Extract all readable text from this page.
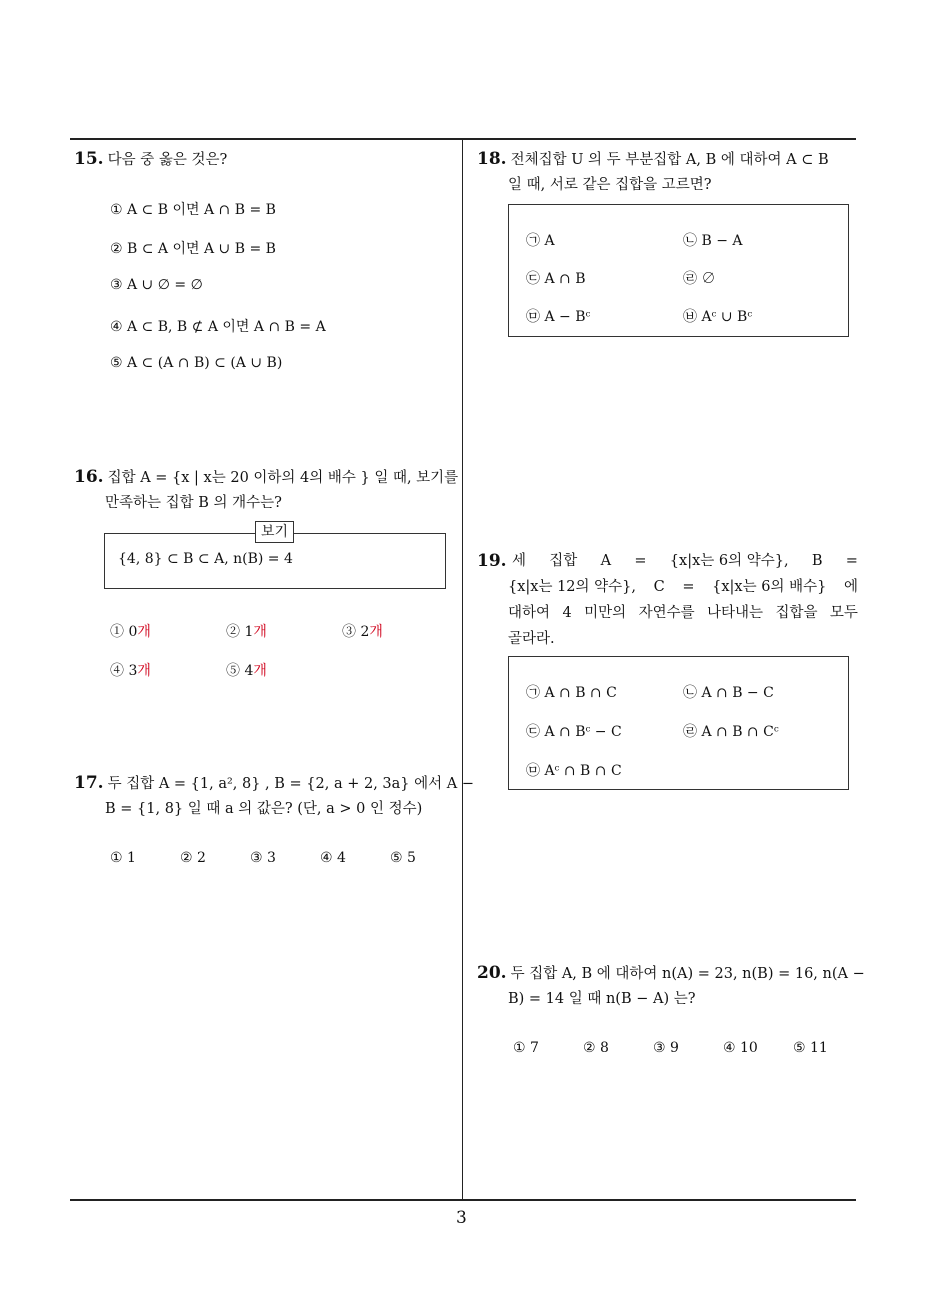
15. 다음 중 옳은 것은?
① A ⊂ B 이면 A ∩ B = B
② B ⊂ A 이면 A ∪ B = B
③ A ∪ ∅ = ∅
④ A ⊂ B, B ⊄ A 이면 A ∩ B = A
⑤ A ⊂ (A ∩ B) ⊂ (A ∪ B)
16. 집합 A = {x | x는 20 이하의 4의 배수 } 일 때, 보기를
만족하는 집합 B 의 개수는?
보기
{4, 8} ⊂ B ⊂ A, n(B) = 4
① 0개	② 1개	③ 2개
④ 3개	⑤ 4개
17. 두 집합 A = {1, a², 8} , B = {2, a + 2, 3a} 에서 A −
B = {1, 8} 일 때 a 의 값은? (단, a > 0 인 정수)
① 1	② 2	③ 3	④ 4	⑤ 5
18. 전체집합 U 의 두 부분집합 A, B 에 대하여 A ⊂ B
일 때, 서로 같은 집합을 고르면?
㉠ A	㉡ B − A
㉢ A ∩ B	㉣ ∅
㉤ A − Bᶜ	㉥ Aᶜ ∪ Bᶜ
19. 세 집합 A = {x|x는 6의 약수}, B =
{x|x는 12의 약수}, C = {x|x는 6의 배수} 에
대하여 4 미만의 자연수를 나타내는 집합을 모두
골라라.
㉠ A ∩ B ∩ C	㉡ A ∩ B − C
㉢ A ∩ Bᶜ − C	㉣ A ∩ B ∩ Cᶜ
㉤ Aᶜ ∩ B ∩ C
20. 두 집합 A, B 에 대하여 n(A) = 23, n(B) = 16, n(A −
B) = 14 일 때 n(B − A) 는?
① 7	② 8	③ 9	④ 10	⑤ 11
3
